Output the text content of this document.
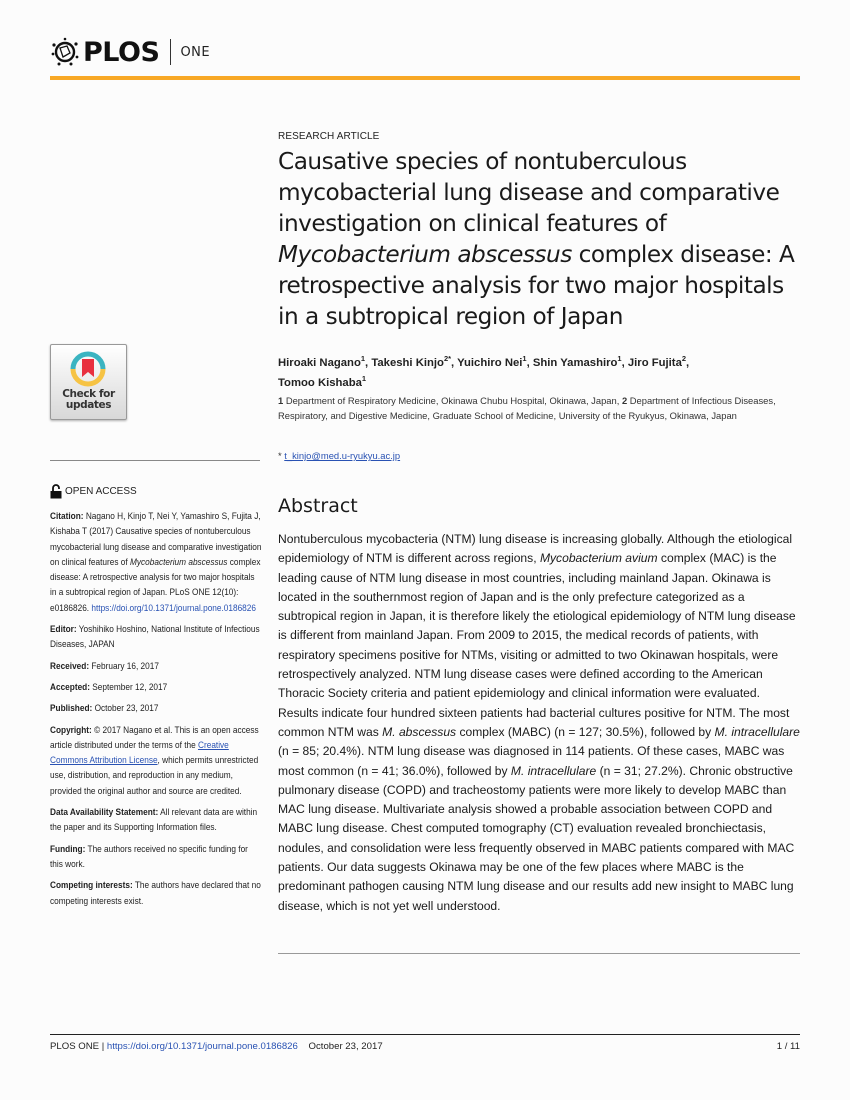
PLOS ONE
RESEARCH ARTICLE
Causative species of nontuberculous mycobacterial lung disease and comparative investigation on clinical features of Mycobacterium abscessus complex disease: A retrospective analysis for two major hospitals in a subtropical region of Japan
Hiroaki Nagano$^1$, Takeshi Kinjo$^{2*}$, Yuichiro Nei$^1$, Shin Yamashiro$^1$, Jiro Fujita$^2$,
Tomoo Kishaba$^1$
1 Department of Respiratory Medicine, Okinawa Chubu Hospital, Okinawa, Japan, 2 Department of Infectious Diseases, Respiratory, and Digestive Medicine, Graduate School of Medicine, University of the Ryukyus, Okinawa, Japan
* t_kinjo@med.u-ryukyu.ac.jp
Check for
updates
OPEN ACCESS

Citation: Nagano H, Kinjo T, Nei Y, Yamashiro S, Fujita J, Kishaba T (2017) Causative species of nontuberculous mycobacterial lung disease and comparative investigation on clinical features of Mycobacterium abscessus complex disease: A retrospective analysis for two major hospitals in a subtropical region of Japan. PLoS ONE 12(10): e0186826. https://doi.org/10.1371/journal.pone.0186826

Editor: Yoshihiko Hoshino, National Institute of Infectious Diseases, JAPAN

Received: February 16, 2017

Accepted: September 12, 2017

Published: October 23, 2017

Copyright: © 2017 Nagano et al. This is an open access article distributed under the terms of the Creative Commons Attribution License, which permits unrestricted use, distribution, and reproduction in any medium, provided the original author and source are credited.

Data Availability Statement: All relevant data are within the paper and its Supporting Information files.

Funding: The authors received no specific funding for this work.

Competing interests: The authors have declared that no competing interests exist.

Abstract
Nontuberculous mycobacteria (NTM) lung disease is increasing globally. Although the etiological epidemiology of NTM is different across regions, Mycobacterium avium complex (MAC) is the leading cause of NTM lung disease in most countries, including mainland Japan. Okinawa is located in the southernmost region of Japan and is the only prefecture categorized as a subtropical region in Japan, it is therefore likely the etiological epidemiology of NTM lung disease is different from mainland Japan. From 2009 to 2015, the medical records of patients, with respiratory specimens positive for NTMs, visiting or admitted to two Okinawan hospitals, were retrospectively analyzed. NTM lung disease cases were defined according to the American Thoracic Society criteria and patient epidemiology and clinical information were evaluated. Results indicate four hundred sixteen patients had bacterial cultures positive for NTM. The most common NTM was M. abscessus complex (MABC) (n = 127; 30.5%), followed by M. intracellulare (n = 85; 20.4%). NTM lung disease was diagnosed in 114 patients. Of these cases, MABC was most common (n = 41; 36.0%), followed by M. intracellulare (n = 31; 27.2%). Chronic obstructive pulmonary disease (COPD) and tracheostomy patients were more likely to develop MABC than MAC lung disease. Multivariate analysis showed a probable association between COPD and MABC lung disease. Chest computed tomography (CT) evaluation revealed bronchiectasis, nodules, and consolidation were less frequently observed in MABC patients compared with MAC patients. Our data suggests Okinawa may be one of the few places where MABC is the predominant pathogen causing NTM lung disease and our results add new insight to MABC lung disease, which is not yet well understood.
PLOS ONE | https://doi.org/10.1371/journal.pone.0186826 October 23, 2017	1 / 11
